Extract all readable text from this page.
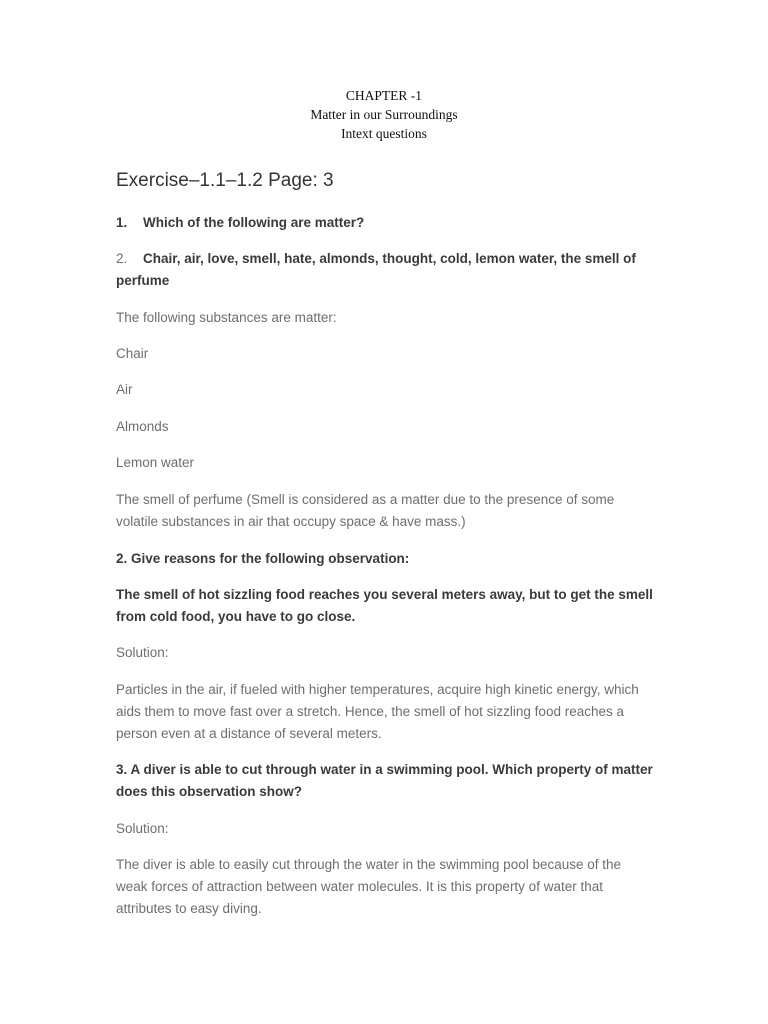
CHAPTER -1
Matter in our Surroundings
Intext questions
Exercise–1.1–1.2 Page: 3
1. Which of the following are matter?
2. Chair, air, love, smell, hate, almonds, thought, cold, lemon water, the smell of perfume
The following substances are matter:
Chair
Air
Almonds
Lemon water
The smell of perfume (Smell is considered as a matter due to the presence of some volatile substances in air that occupy space & have mass.)
2. Give reasons for the following observation:
The smell of hot sizzling food reaches you several meters away, but to get the smell from cold food, you have to go close.
Solution:
Particles in the air, if fueled with higher temperatures, acquire high kinetic energy, which aids them to move fast over a stretch. Hence, the smell of hot sizzling food reaches a person even at a distance of several meters.
3. A diver is able to cut through water in a swimming pool. Which property of matter does this observation show?
Solution:
The diver is able to easily cut through the water in the swimming pool because of the weak forces of attraction between water molecules. It is this property of water that attributes to easy diving.
